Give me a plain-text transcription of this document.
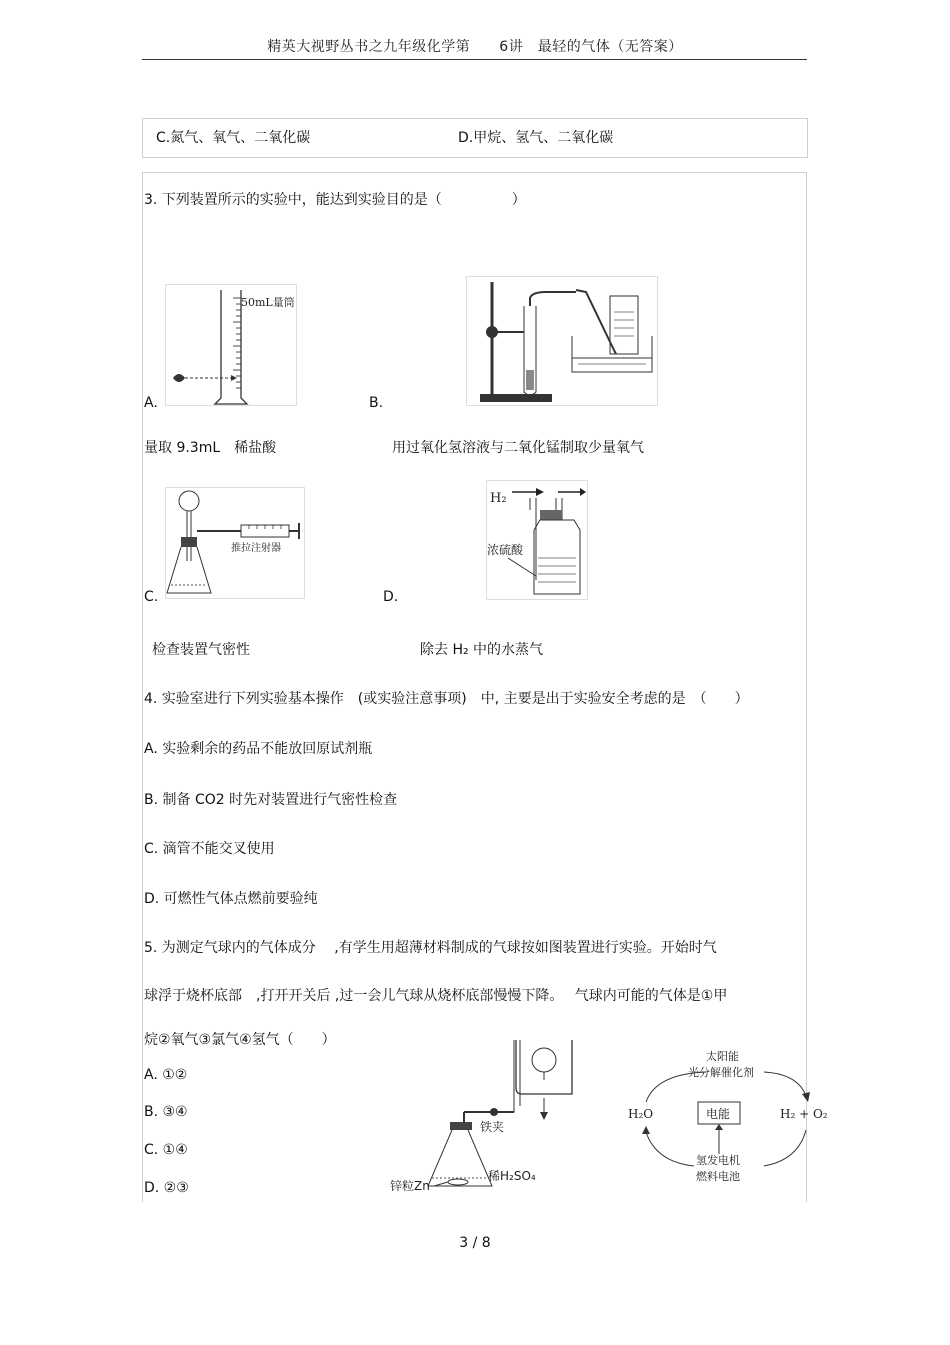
精英大视野丛书之九年级化学第　　6讲　最轻的气体（无答案）
C.氮气、氧气、二氧化碳	D.甲烷、氢气、二氧化碳
3. 下列装置所示的实验中，能达到实验目的是（　　　　　）
50mL量筒
A.	B.
量取 9.3mL　稀盐酸	用过氧化氢溶液与二氧化锰制取少量氧气
推拉注射器
C.
H₂
浓硫酸
D.
检查装置气密性	除去 H₂ 中的水蒸气
4. 实验室进行下列实验基本操作　(或实验注意事项)　中, 主要是出于实验安全考虑的是　（　　）
A. 实验剩余的药品不能放回原试剂瓶
B. 制备 CO2 时先对装置进行气密性检查
C. 滴管不能交叉使用
D. 可燃性气体点燃前要验纯
5. 为测定气球内的气体成分　 ,有学生用超薄材料制成的气球按如图装置进行实验。开始时气
球浮于烧杯底部　,打开开关后 ,过一会儿气球从烧杯底部慢慢下降。　 气球内可能的气体是①甲
烷②氧气③氯气④氢气（　　）
A. ①②
B. ③④
C. ①④
D. ②③
铁夹
锌粒Zn
稀H₂SO₄
太阳能
光分解催化剂
H₂O	电能	H₂ + O₂
氢发电机
燃料电池
3 / 8
